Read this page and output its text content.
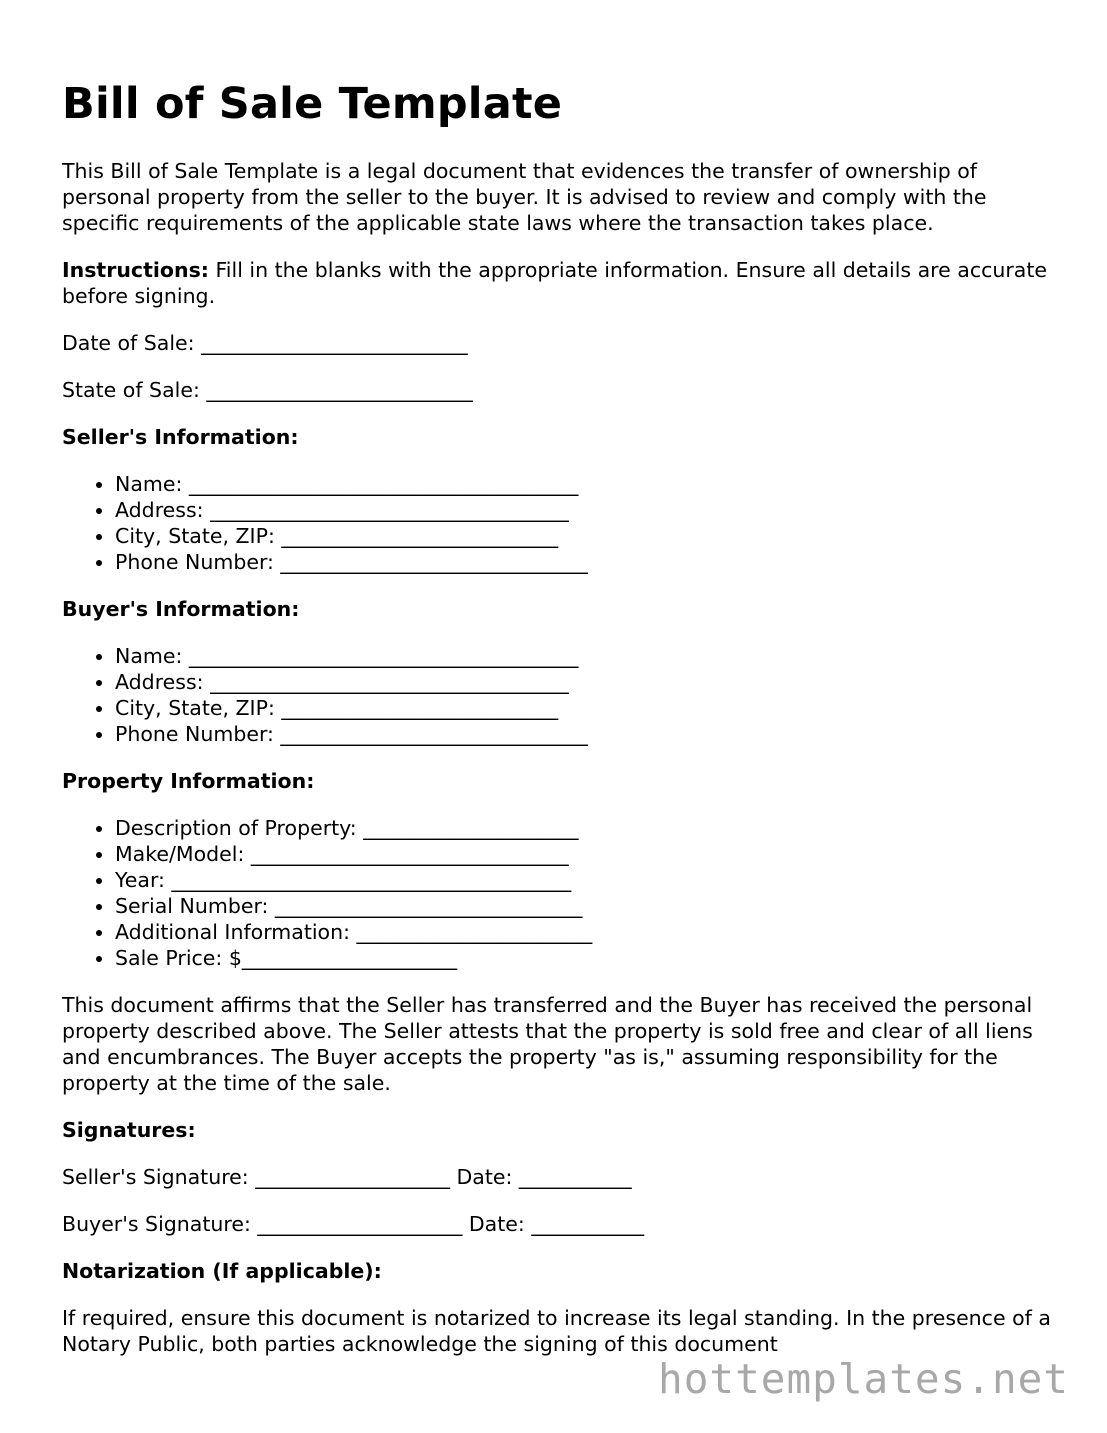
Bill of Sale Template

This Bill of Sale Template is a legal document that evidences the transfer of ownership of personal property from the seller to the buyer. It is advised to review and comply with the specific requirements of the applicable state laws where the transaction takes place.

Instructions: Fill in the blanks with the appropriate information. Ensure all details are accurate before signing.

Date of Sale: __________________________
State of Sale: __________________________
Seller's Information:
• Name: ______________________________________
• Address: ___________________________________
• City, State, ZIP: ___________________________
• Phone Number: ______________________________
Buyer's Information:
• Name: ______________________________________
• Address: ___________________________________
• City, State, ZIP: ___________________________
• Phone Number: ______________________________
Property Information:
• Description of Property: _____________________
• Make/Model: _______________________________
• Year: _______________________________________
• Serial Number: ______________________________
• Additional Information: _______________________
• Sale Price: $_____________________

This document affirms that the Seller has transferred and the Buyer has received the personal property described above. The Seller attests that the property is sold free and clear of all liens and encumbrances. The Buyer accepts the property "as is," assuming responsibility for the property at the time of the sale.

Signatures:

Seller's Signature: ___________________ Date: ___________

Buyer's Signature: ____________________ Date: ___________

Notarization (If applicable):

If required, ensure this document is notarized to increase its legal standing. In the presence of a Notary Public, both parties acknowledge the signing of this document

hottemplates.net
